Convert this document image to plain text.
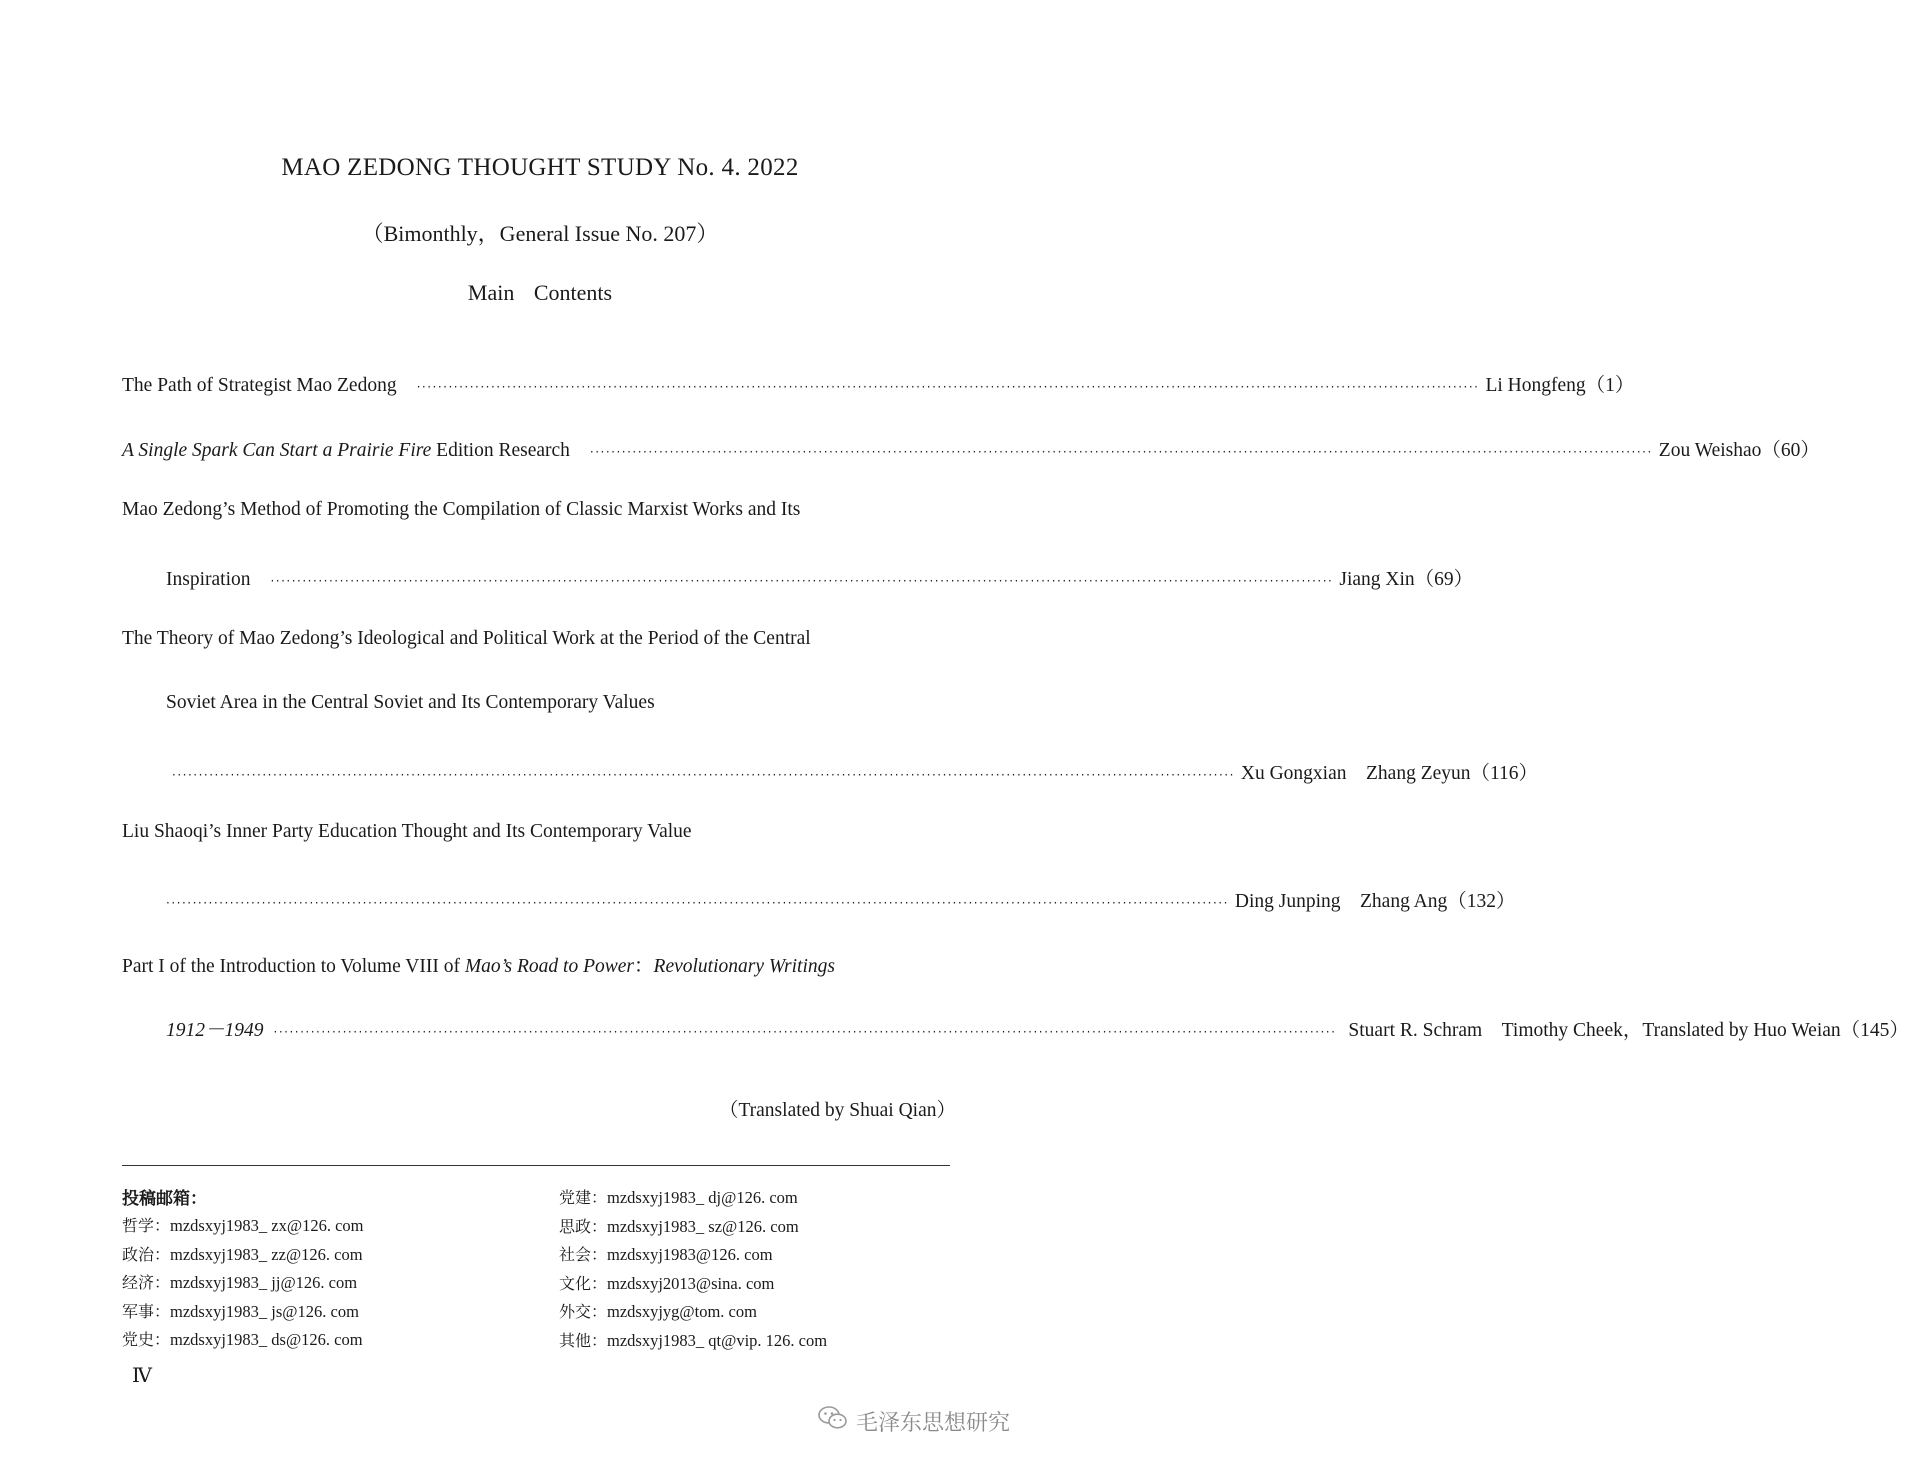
MAO ZEDONG THOUGHT STUDY No. 4. 2022
（Bimonthly，General Issue No. 207）
Main Contents
The Path of Strategist Mao Zedong ········································································································································································································ Li Hongfeng（1）
A Single Spark Can Start a Prairie Fire Edition Research ········································································································································································································ Zou Weishao（60）
Mao Zedong’s Method of Promoting the Compilation of Classic Marxist Works and Its
Inspiration ········································································································································································································ Jiang Xin（69）
The Theory of Mao Zedong’s Ideological and Political Work at the Period of the Central
Soviet Area in the Central Soviet and Its Contemporary Values
········································································································································································································ Xu Gongxian　Zhang Zeyun（116）
Liu Shaoqi’s Inner Party Education Thought and Its Contemporary Value
········································································································································································································ Ding Junping　Zhang Ang（132）
Part I of the Introduction to Volume VIII of Mao’s Road to Power：Revolutionary Writings
1912－1949 ········································································································································································································ Stuart R. Schram　Timothy Cheek，Translated by Huo Weian（145）
（Translated by Shuai Qian）
投稿邮箱：
哲学：mzdsxyj1983_ zx@126. com
政治：mzdsxyj1983_ zz@126. com
经济：mzdsxyj1983_ jj@126. com
军事：mzdsxyj1983_ js@126. com
党史：mzdsxyj1983_ ds@126. com
党建：mzdsxyj1983_ dj@126. com
思政：mzdsxyj1983_ sz@126. com
社会：mzdsxyj1983@126. com
文化：mzdsxyj2013@sina. com
外交：mzdsxyjyg@tom. com
其他：mzdsxyj1983_ qt@vip. 126. com
Ⅳ
毛泽东思想研究
